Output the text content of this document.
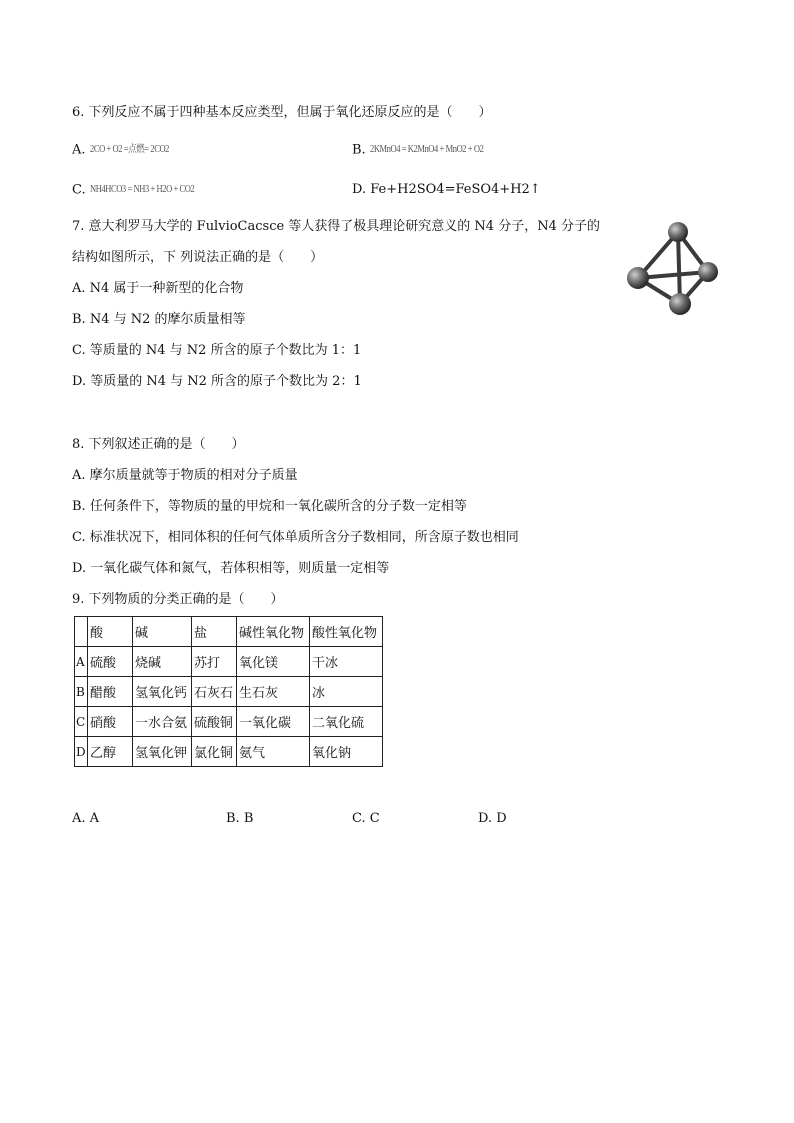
6. 下列反应不属于四种基本反应类型，但属于氧化还原反应的是（　　）
A. 2CO + O2 =点燃= 2CO2	B. 2KMnO4 = K2MnO4 + MnO2 + O2
C. NH4HCO3 = NH3 + H2O + CO2	D. Fe+H2SO4=FeSO4+H2↑
7. 意大利罗马大学的 FulvioCacsce 等人获得了极具理论研究意义的 N4 分子，N4 分子的
结构如图所示，下 列说法正确的是（　　）
A. N4 属于一种新型的化合物
B. N4 与 N2 的摩尔质量相等
C. 等质量的 N4 与 N2 所含的原子个数比为 1：1
D. 等质量的 N4 与 N2 所含的原子个数比为 2：1
8. 下列叙述正确的是（　　）
A. 摩尔质量就等于物质的相对分子质量
B. 任何条件下，等物质的量的甲烷和一氧化碳所含的分子数一定相等
C. 标准状况下，相同体积的任何气体单质所含分子数相同，所含原子数也相同
D. 一氧化碳气体和氮气，若体积相等，则质量一定相等
9. 下列物质的分类正确的是（　　）
	酸	碱	盐	碱性氧化物	酸性氧化物
A	硫酸	烧碱	苏打	氧化镁	干冰
B	醋酸	氢氧化钙	石灰石	生石灰	冰
C	硝酸	一水合氨	硫酸铜	一氧化碳	二氧化硫
D	乙醇	氢氧化钾	氯化铜	氨气	氧化钠
A. A	B. B	C. C	D. D
